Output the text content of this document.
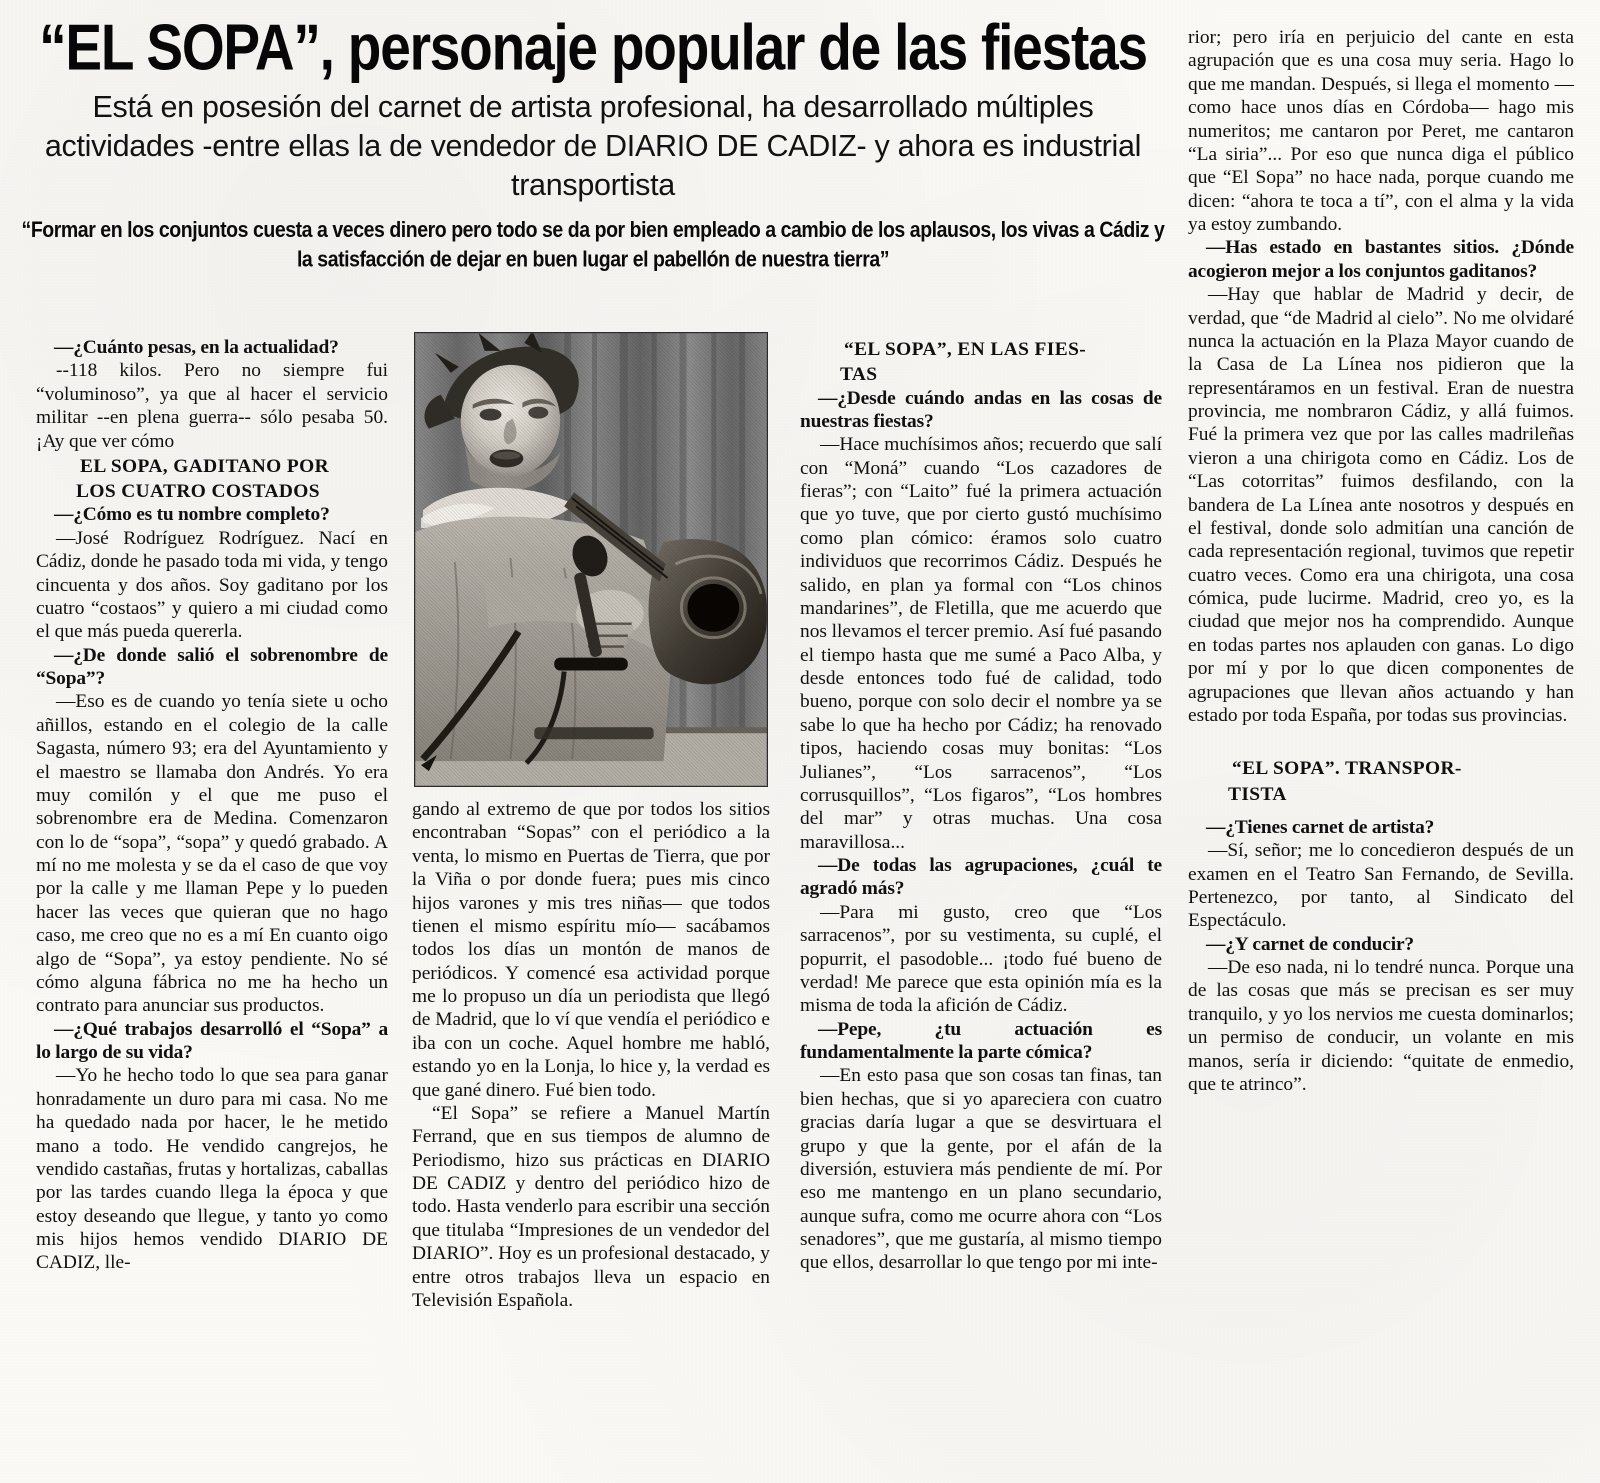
“EL SOPA”, personaje popular de las fiestas
Está en posesión del carnet de artista profesional, ha desarrollado múltiples actividades -entre ellas la de vendedor de DIARIO DE CADIZ- y ahora es industrial transportista

“Formar en los conjuntos cuesta a veces dinero pero todo se da por bien empleado a cambio de los aplausos, los vivas a Cádiz y la satisfacción de dejar en buen lugar el pabellón de nuestra tierra”

—¿Cuánto pesas, en la actualidad?

--118 kilos. Pero no siempre fui “voluminoso”, ya que al hacer el servicio militar --en plena guerra-- sólo pesaba 50. ¡Ay que ver cómo

EL SOPA, GADITANO POR
LOS CUATRO COSTADOS

—¿Cómo es tu nombre completo?

—José Rodríguez Rodríguez. Nací en Cádiz, donde he pasado toda mi vida, y tengo cincuenta y dos años. Soy gaditano por los cuatro “costaos” y quiero a mi ciudad como el que más pueda quererla.

—¿De donde salió el sobrenombre de “Sopa”?

—Eso es de cuando yo tenía siete u ocho añillos, estando en el colegio de la calle Sagasta, número 93; era del Ayuntamiento y el maestro se llamaba don Andrés. Yo era muy comilón y el que me puso el sobrenombre era de Medina. Comenzaron con lo de “sopa”, “sopa” y quedó grabado. A mí no me molesta y se da el caso de que voy por la calle y me llaman Pepe y lo pueden hacer las veces que quieran que no hago caso, me creo que no es a mí En cuanto oigo algo de “Sopa”, ya estoy pendiente. No sé cómo alguna fábrica no me ha hecho un contrato para anunciar sus productos.

—¿Qué trabajos desarrolló el “Sopa” a lo largo de su vida?

—Yo he hecho todo lo que sea para ganar honradamente un duro para mi casa. No me ha quedado nada por hacer, le he metido mano a todo. He vendido cangrejos, he vendido castañas, frutas y hortalizas, caballas por las tardes cuando llega la época y que estoy deseando que llegue, y tanto yo como mis hijos hemos vendido DIARIO DE CADIZ, lle-

gando al extremo de que por todos los sitios encontraban “Sopas” con el periódico a la venta, lo mismo en Puertas de Tierra, que por la Viña o por donde fuera; pues mis cinco hijos varones y mis tres niñas— que todos tienen el mismo espíritu mío— sacábamos todos los días un montón de manos de periódicos. Y comencé esa actividad porque me lo propuso un día un periodista que llegó de Madrid, que lo ví que vendía el periódico e iba con un coche. Aquel hombre me habló, estando yo en la Lonja, lo hice y, la verdad es que gané dinero. Fué bien todo.

“El Sopa” se refiere a Manuel Martín Ferrand, que en sus tiempos de alumno de Periodismo, hizo sus prácticas en DIARIO DE CADIZ y dentro del periódico hizo de todo. Hasta venderlo para escribir una sección que titulaba “Impresiones de un vendedor del DIARIO”. Hoy es un profesional destacado, y entre otros trabajos lleva un espacio en Televisión Española.

“EL SOPA”, EN LAS FIES-
TAS

—¿Desde cuándo andas en las cosas de nuestras fiestas?

—Hace muchísimos años; recuerdo que salí con “Moná” cuando “Los cazadores de fieras”; con “Laito” fué la primera actuación que yo tuve, que por cierto gustó muchísimo como plan cómico: éramos solo cuatro individuos que recorrimos Cádiz. Después he salido, en plan ya formal con “Los chinos mandarines”, de Fletilla, que me acuerdo que nos llevamos el tercer premio. Así fué pasando el tiempo hasta que me sumé a Paco Alba, y desde entonces todo fué de calidad, todo bueno, porque con solo decir el nombre ya se sabe lo que ha hecho por Cádiz; ha renovado tipos, haciendo cosas muy bonitas: “Los Julianes”, “Los sarracenos”, “Los corrusquillos”, “Los figaros”, “Los hombres del mar” y otras muchas. Una cosa maravillosa...

—De todas las agrupaciones, ¿cuál te agradó más?

—Para mi gusto, creo que “Los sarracenos”, por su vestimenta, su cuplé, el popurrit, el pasodoble... ¡todo fué bueno de verdad! Me parece que esta opinión mía es la misma de toda la afición de Cádiz.

—Pepe, ¿tu actuación es fundamentalmente la parte cómica?

—En esto pasa que son cosas tan finas, tan bien hechas, que si yo apareciera con cuatro gracias daría lugar a que se desvirtuara el grupo y que la gente, por el afán de la diversión, estuviera más pendiente de mí. Por eso me mantengo en un plano secundario, aunque sufra, como me ocurre ahora con “Los senadores”, que me gustaría, al mismo tiempo que ellos, desarrollar lo que tengo por mi inte-

rior; pero iría en perjuicio del cante en esta agrupación que es una cosa muy seria. Hago lo que me mandan. Después, si llega el momento —como hace unos días en Córdoba— hago mis numeritos; me cantaron por Peret, me cantaron “La siria”... Por eso que nunca diga el público que “El Sopa” no hace nada, porque cuando me dicen: “ahora te toca a tí”, con el alma y la vida ya estoy zumbando.

—Has estado en bastantes sitios. ¿Dónde acogieron mejor a los conjuntos gaditanos?

—Hay que hablar de Madrid y decir, de verdad, que “de Madrid al cielo”. No me olvidaré nunca la actuación en la Plaza Mayor cuando de la Casa de La Línea nos pidieron que la representáramos en un festival. Eran de nuestra provincia, me nombraron Cádiz, y allá fuimos. Fué la primera vez que por las calles madrileñas vieron a una chirigota como en Cádiz. Los de “Las cotorritas” fuimos desfilando, con la bandera de La Línea ante nosotros y después en el festival, donde solo admitían una canción de cada representación regional, tuvimos que repetir cuatro veces. Como era una chirigota, una cosa cómica, pude lucirme. Madrid, creo yo, es la ciudad que mejor nos ha comprendido. Aunque en todas partes nos aplauden con ganas. Lo digo por mí y por lo que dicen componentes de agrupaciones que llevan años actuando y han estado por toda España, por todas sus provincias.

“EL SOPA”. TRANSPOR-
TISTA

—¿Tienes carnet de artista?

—Sí, señor; me lo concedieron después de un examen en el Teatro San Fernando, de Sevilla. Pertenezco, por tanto, al Sindicato del Espectáculo.

—¿Y carnet de conducir?

—De eso nada, ni lo tendré nunca. Porque una de las cosas que más se precisan es ser muy tranquilo, y yo los nervios me cuesta dominarlos; un permiso de conducir, un volante en mis manos, sería ir diciendo: “quitate de enmedio, que te atrinco”.
